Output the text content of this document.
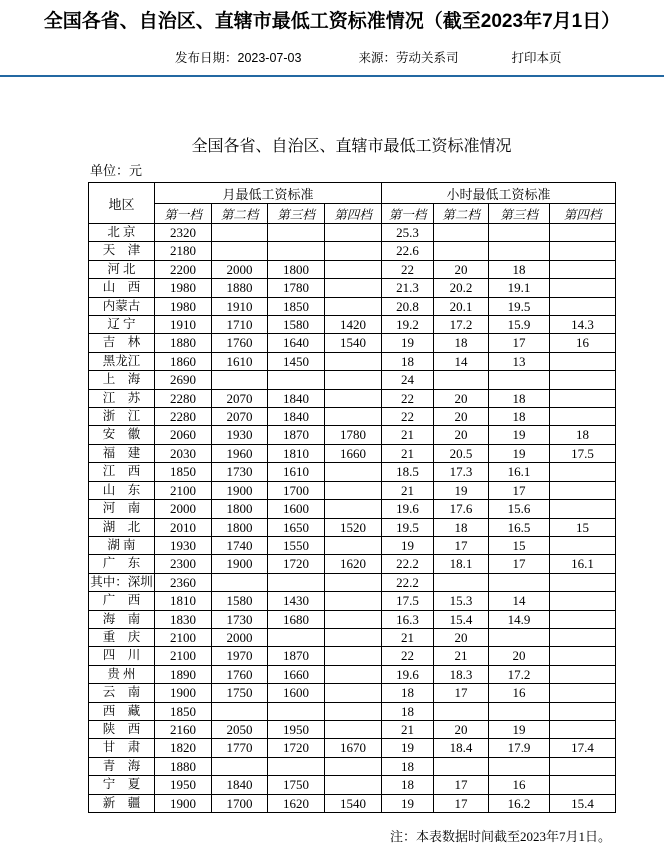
全国各省、自治区、直辖市最低工资标准情况（截至2023年7月1日）
发布日期：2023-07-03	来源：劳动关系司	打印本页
全国各省、自治区、直辖市最低工资标准情况
单位：元
地区	月最低工资标准				小时最低工资标准			
	第一档	第二档	第三档	第四档	第一档	第二档	第三档	第四档
北 京	2320				25.3			
天　津	2180				22.6			
河 北	2200	2000	1800		22	20	18	
山　西	1980	1880	1780		21.3	20.2	19.1	
内蒙古	1980	1910	1850		20.8	20.1	19.5	
辽 宁	1910	1710	1580	1420	19.2	17.2	15.9	14.3
吉　林	1880	1760	1640	1540	19	18	17	16
黑龙江	1860	1610	1450		18	14	13	
上　海	2690				24			
江　苏	2280	2070	1840		22	20	18	
浙　江	2280	2070	1840		22	20	18	
安　徽	2060	1930	1870	1780	21	20	19	18
福　建	2030	1960	1810	1660	21	20.5	19	17.5
江　西	1850	1730	1610		18.5	17.3	16.1	
山　东	2100	1900	1700		21	19	17	
河　南	2000	1800	1600		19.6	17.6	15.6	
湖　北	2010	1800	1650	1520	19.5	18	16.5	15
湖 南	1930	1740	1550		19	17	15	
广　东	2300	1900	1720	1620	22.2	18.1	17	16.1
其中：深圳	2360				22.2			
广　西	1810	1580	1430		17.5	15.3	14	
海　南	1830	1730	1680		16.3	15.4	14.9	
重　庆	2100	2000			21	20		
四　川	2100	1970	1870		22	21	20	
贵 州	1890	1760	1660		19.6	18.3	17.2	
云　南	1900	1750	1600		18	17	16	
西　藏	1850				18			
陕　西	2160	2050	1950		21	20	19	
甘　肃	1820	1770	1720	1670	19	18.4	17.9	17.4
青　海	1880				18			
宁　夏	1950	1840	1750		18	17	16	
新　疆	1900	1700	1620	1540	19	17	16.2	15.4
注：本表数据时间截至2023年7月1日。
